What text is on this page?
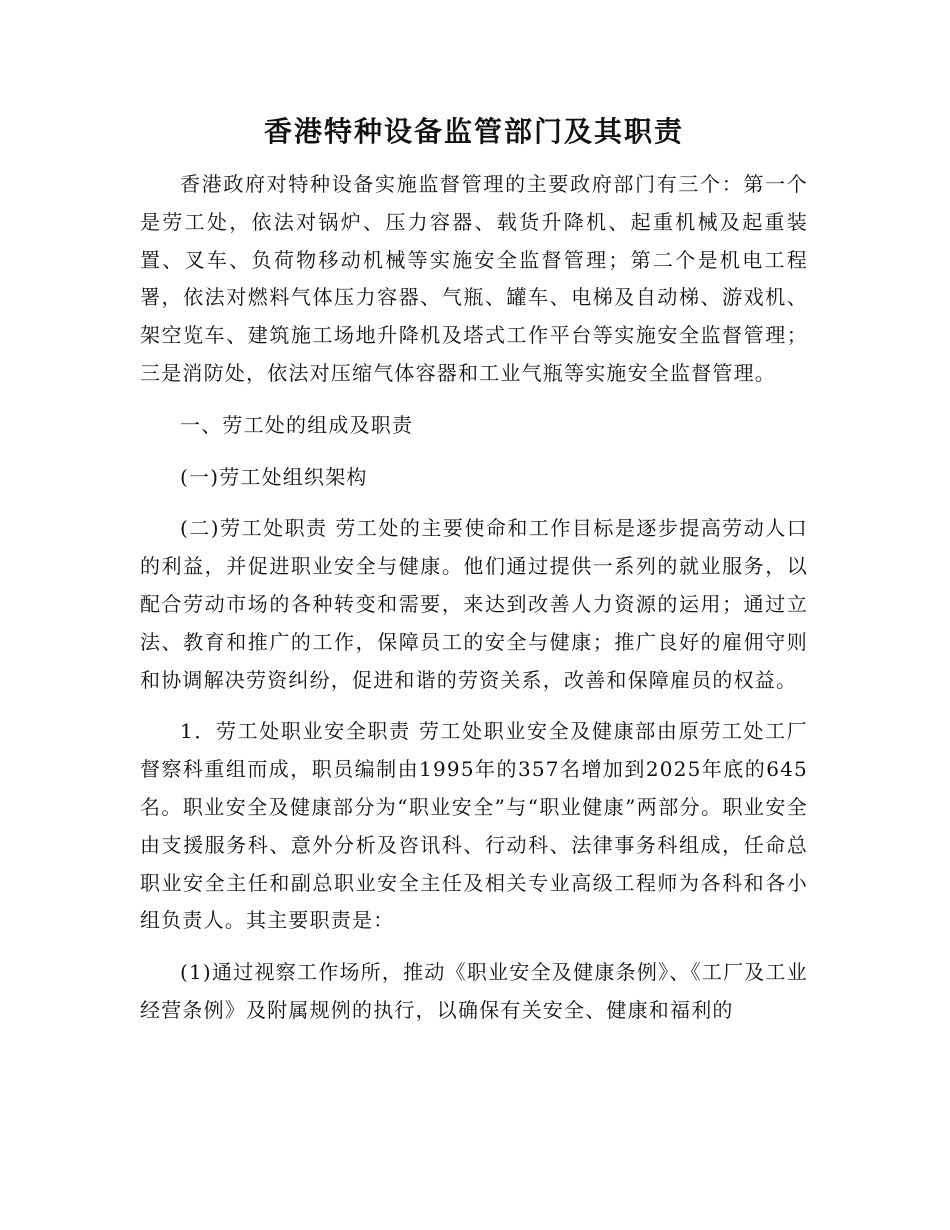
香港特种设备监管部门及其职责

香港政府对特种设备实施监督管理的主要政府部门有三个：第一个是劳工处，依法对锅炉、压力容器、载货升降机、起重机械及起重装置、叉车、负荷物移动机械等实施安全监督管理；第二个是机电工程署，依法对燃料气体压力容器、气瓶、罐车、电梯及自动梯、游戏机、架空览车、建筑施工场地升降机及塔式工作平台等实施安全监督管理；三是消防处，依法对压缩气体容器和工业气瓶等实施安全监督管理。

一、劳工处的组成及职责

(一)劳工处组织架构

(二)劳工处职责 劳工处的主要使命和工作目标是逐步提高劳动人口的利益，并促进职业安全与健康。他们通过提供一系列的就业服务，以配合劳动市场的各种转变和需要，来达到改善人力资源的运用；通过立法、教育和推广的工作，保障员工的安全与健康；推广良好的雇佣守则和协调解决劳资纠纷，促进和谐的劳资关系，改善和保障雇员的权益。

1．劳工处职业安全职责 劳工处职业安全及健康部由原劳工处工厂督察科重组而成，职员编制由1995年的357名增加到2025年底的645名。职业安全及健康部分为“职业安全”与“职业健康”两部分。职业安全由支援服务科、意外分析及咨讯科、行动科、法律事务科组成，任命总职业安全主任和副总职业安全主任及相关专业高级工程师为各科和各小组负责人。其主要职责是：

(1)通过视察工作场所，推动《职业安全及健康条例》、《工厂及工业经营条例》及附属规例的执行，以确保有关安全、健康和福利的
